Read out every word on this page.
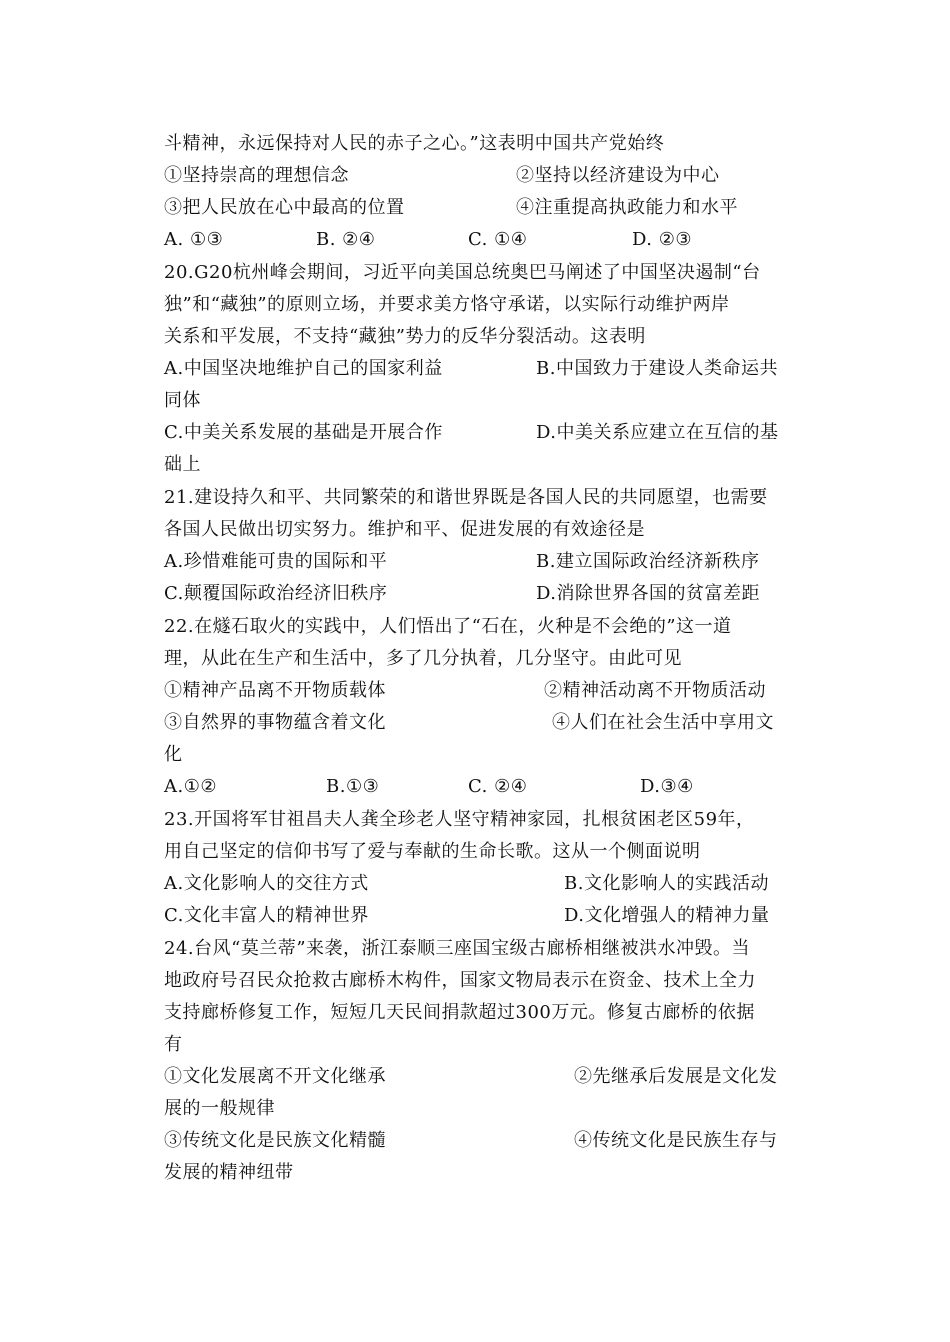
斗精神，永远保持对人民的赤子之心。”这表明中国共产党始终
①坚持崇高的理想信念	②坚持以经济建设为中心
③把人民放在心中最高的位置	④注重提高执政能力和水平
A. ①③	B. ②④	C. ①④	D. ②③
20.G20杭州峰会期间，习近平向美国总统奥巴马阐述了中国坚决遏制“台
独”和“藏独”的原则立场，并要求美方恪守承诺，以实际行动维护两岸
关系和平发展，不支持“藏独”势力的反华分裂活动。这表明
A.中国坚决地维护自己的国家利益	B.中国致力于建设人类命运共
同体
C.中美关系发展的基础是开展合作	D.中美关系应建立在互信的基
础上
21.建设持久和平、共同繁荣的和谐世界既是各国人民的共同愿望，也需要
各国人民做出切实努力。维护和平、促进发展的有效途径是
A.珍惜难能可贵的国际和平	B.建立国际政治经济新秩序
C.颠覆国际政治经济旧秩序	D.消除世界各国的贫富差距
22.在燧石取火的实践中，人们悟出了“石在，火种是不会绝的”这一道
理，从此在生产和生活中，多了几分执着，几分坚守。由此可见
①精神产品离不开物质载体	②精神活动离不开物质活动
③自然界的事物蕴含着文化	④人们在社会生活中享用文
化
A.①②	B.①③	C. ②④	D.③④
23.开国将军甘祖昌夫人龚全珍老人坚守精神家园，扎根贫困老区59年，
用自己坚定的信仰书写了爱与奉献的生命长歌。这从一个侧面说明
A.文化影响人的交往方式	B.文化影响人的实践活动
C.文化丰富人的精神世界	D.文化增强人的精神力量
24.台风“莫兰蒂”来袭，浙江泰顺三座国宝级古廊桥相继被洪水冲毁。当
地政府号召民众抢救古廊桥木构件，国家文物局表示在资金、技术上全力
支持廊桥修复工作，短短几天民间捐款超过300万元。修复古廊桥的依据
有
①文化发展离不开文化继承	②先继承后发展是文化发
展的一般规律
③传统文化是民族文化精髓	④传统文化是民族生存与
发展的精神纽带
